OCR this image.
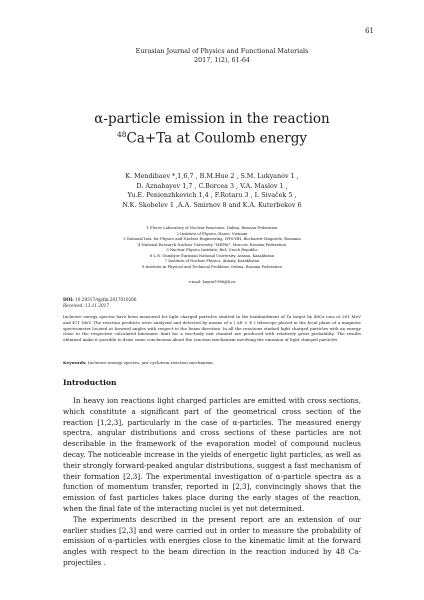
61
Eurasian Journal of Physics and Functional Materials
2017, 1(2), 61-64
α-particle emission in the reaction
$^{48}$Ca+Ta at Coulomb energy
K. Mendibaev *,1,6,7 , B.M.Hue 2 , S.M. Lukyanov 1 ,
D. Aznabayev 1,7 , C.Borcea 3 , V.A. Maslov 1 ,
Yu.E. Penionzhkevich 1,4 , F.Rotaru 3 , I. Sivaček 5 ,
N.K. Skobelev 1 ,A.A. Smirnov 8 and K.A. Kuterbekov 6
1 Flerov Laboratory of Nuclear Reactions, Dubna, Russian Federation
2 Institute of Physics, Hanoi, Vietnam
3 National Inst. for Physics and Nuclear Engineering, IFIN-HH, Bucharest-Magurele, Romania
4 National Research Nuclear University "MEPhI", Moscow, Russian Federation
5 Nuclear Physics Institute, Rež, Czech Republic
6 L.N. Gumilyov Eurasian National University, Astana, Kazakhstan
7 Institute of Nuclear Physics, Almaty, Kazakhstan
8 Institute in Physical and Technical Problems, Dubna, Russian Federation
e-mail: bayrut1986@k.ru
DOI: 10.29317/ejpfm.2017010206
Received: 13.11.2017
Inclusive energy spectra have been measured for light charged particles emitted in the bombardment of Ta target by 48Ca ions at 261 MeV and 471 MeV. The reaction products were analyzed and detected by means of a ( ΔE × E ) telescope placed in the focal plane of a magnetic spectrometer located at forward angles with respect to the beam direction. In all the reactions studied light charged particles with an energy close to the respective calculated kinematic limit for a two-body exit channel are produced with relatively great probability. The results obtained make it possible to draw some conclusions about the reaction mechanism involving the emission of light charged particles.
Keywords: Inclusive energy spectra, jaw cyclotron,reaction mechanism.
Introduction

In heavy ion reactions light charged particles are emitted with cross sections, which constitute a significant part of the geometrical cross section of the reaction [1,2,3], particularly in the case of α-particles. The measured energy spectra, angular distributions and cross sections of these particles are not describable in the framework of the evaporation model of compound nucleus decay. The noticeable increase in the yields of energetic light particles, as well as their strongly forward-peaked angular distributions, suggest a fast mechanism of their formation [2,3]. The experimental investigation of α-particle spectra as a function of momentum transfer, reported in [2,3], convincingly shows that the emission of fast particles takes place during the early stages of the reaction, when the final fate of the interacting nuclei is yet not determined.

The experiments described in the present report are an extension of our earlier studies [2,3] and were carried out in order to measure the probability of emission of α-particles with energies close to the kinematic limit at the forward angles with respect to the beam direction in the reaction induced by 48 Ca-projectiles .
